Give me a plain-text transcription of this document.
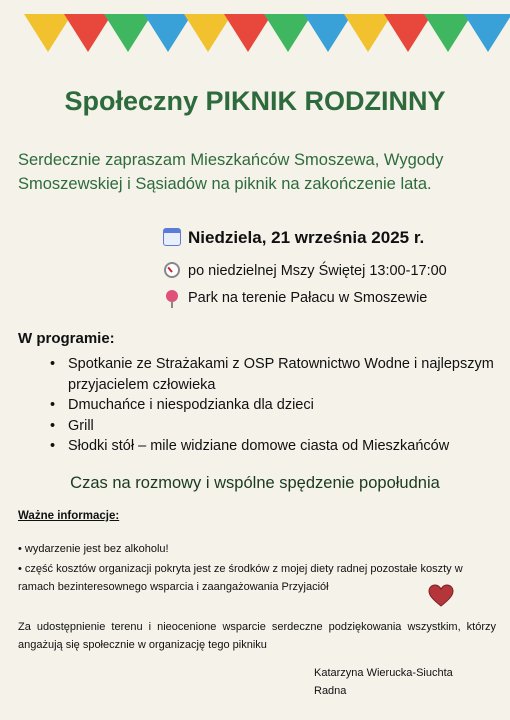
Społeczny PIKNIK RODZINNY
Serdecznie zapraszam Mieszkańców Smoszewa, Wygody Smoszewskiej i Sąsiadów na piknik na zakończenie lata.
Niedziela, 21 września 2025 r.
po niedzielnej Mszy Świętej 13:00-17:00
Park na terenie Pałacu w Smoszewie
W programie:
• Spotkanie ze Strażakami z OSP Ratownictwo Wodne i najlepszym przyjacielem człowieka
• Dmuchańce i niespodzianka dla dzieci
• Grill
• Słodki stół – mile widziane domowe ciasta od Mieszkańców
Czas na rozmowy i wspólne spędzenie popołudnia
Ważne informacje:
• wydarzenie jest bez alkoholu!
• część kosztów organizacji pokryta jest ze środków z mojej diety radnej pozostałe koszty w ramach bezinteresownego wsparcia i zaangażowania Przyjaciół
Za udostępnienie terenu i nieocenione wsparcie serdeczne podziękowania wszystkim, którzy angażują się społecznie w organizację tego pikniku
Katarzyna Wierucka-Siuchta
Radna
